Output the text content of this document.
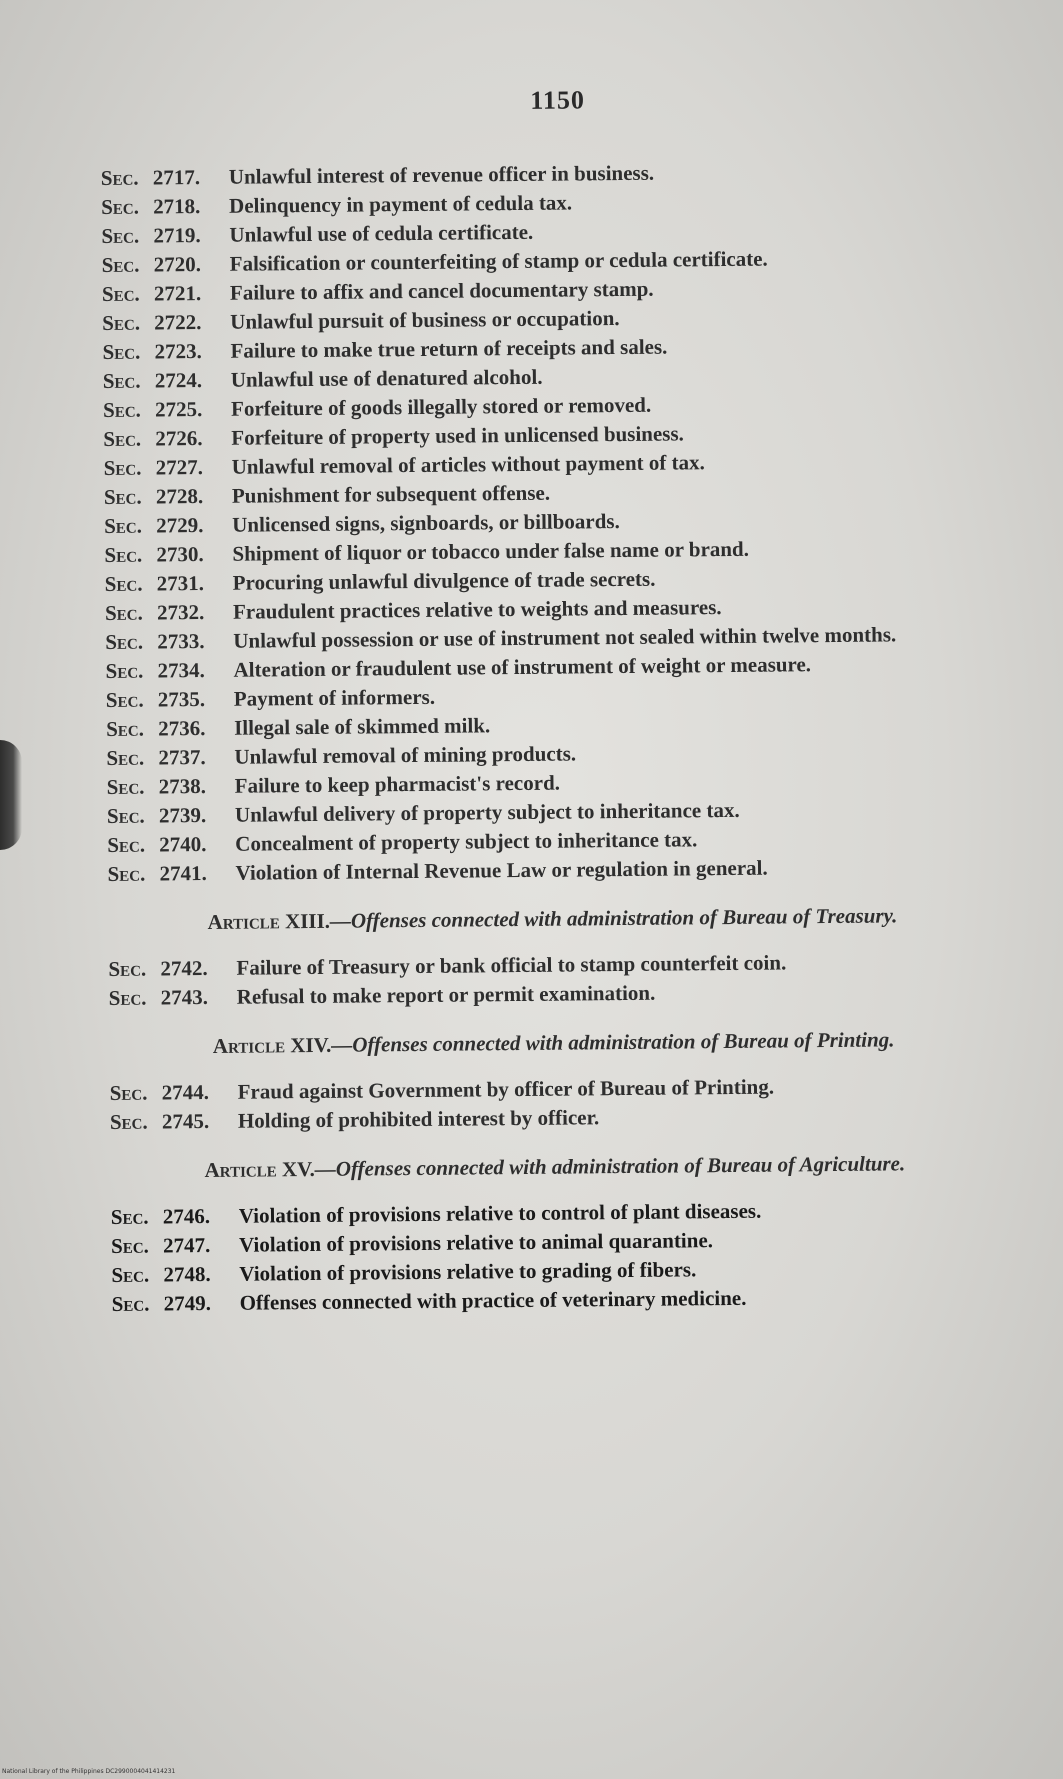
1150
Sec. 2717.	Unlawful interest of revenue officer in business.
Sec. 2718.	Delinquency in payment of cedula tax.
Sec. 2719.	Unlawful use of cedula certificate.
Sec. 2720.	Falsification or counterfeiting of stamp or cedula certificate.
Sec. 2721.	Failure to affix and cancel documentary stamp.
Sec. 2722.	Unlawful pursuit of business or occupation.
Sec. 2723.	Failure to make true return of receipts and sales.
Sec. 2724.	Unlawful use of denatured alcohol.
Sec. 2725.	Forfeiture of goods illegally stored or removed.
Sec. 2726.	Forfeiture of property used in unlicensed business.
Sec. 2727.	Unlawful removal of articles without payment of tax.
Sec. 2728.	Punishment for subsequent offense.
Sec. 2729.	Unlicensed signs, signboards, or billboards.
Sec. 2730.	Shipment of liquor or tobacco under false name or brand.
Sec. 2731.	Procuring unlawful divulgence of trade secrets.
Sec. 2732.	Fraudulent practices relative to weights and measures.
Sec. 2733.	Unlawful possession or use of instrument not sealed within twelve months.
Sec. 2734.	Alteration or fraudulent use of instrument of weight or measure.
Sec. 2735.	Payment of informers.
Sec. 2736.	Illegal sale of skimmed milk.
Sec. 2737.	Unlawful removal of mining products.
Sec. 2738.	Failure to keep pharmacist's record.
Sec. 2739.	Unlawful delivery of property subject to inheritance tax.
Sec. 2740.	Concealment of property subject to inheritance tax.
Sec. 2741.	Violation of Internal Revenue Law or regulation in general.
Article XIII.—Offenses connected with administration of Bureau of Treasury.
Sec. 2742.	Failure of Treasury or bank official to stamp counterfeit coin.
Sec. 2743.	Refusal to make report or permit examination.
Article XIV.—Offenses connected with administration of Bureau of Printing.
Sec. 2744.	Fraud against Government by officer of Bureau of Printing.
Sec. 2745.	Holding of prohibited interest by officer.
Article XV.—Offenses connected with administration of Bureau of Agriculture.
Sec. 2746.	Violation of provisions relative to control of plant diseases.
Sec. 2747.	Violation of provisions relative to animal quarantine.
Sec. 2748.	Violation of provisions relative to grading of fibers.
Sec. 2749.	Offenses connected with practice of veterinary medicine.
National Library of the Philippines DC2990004041414231
